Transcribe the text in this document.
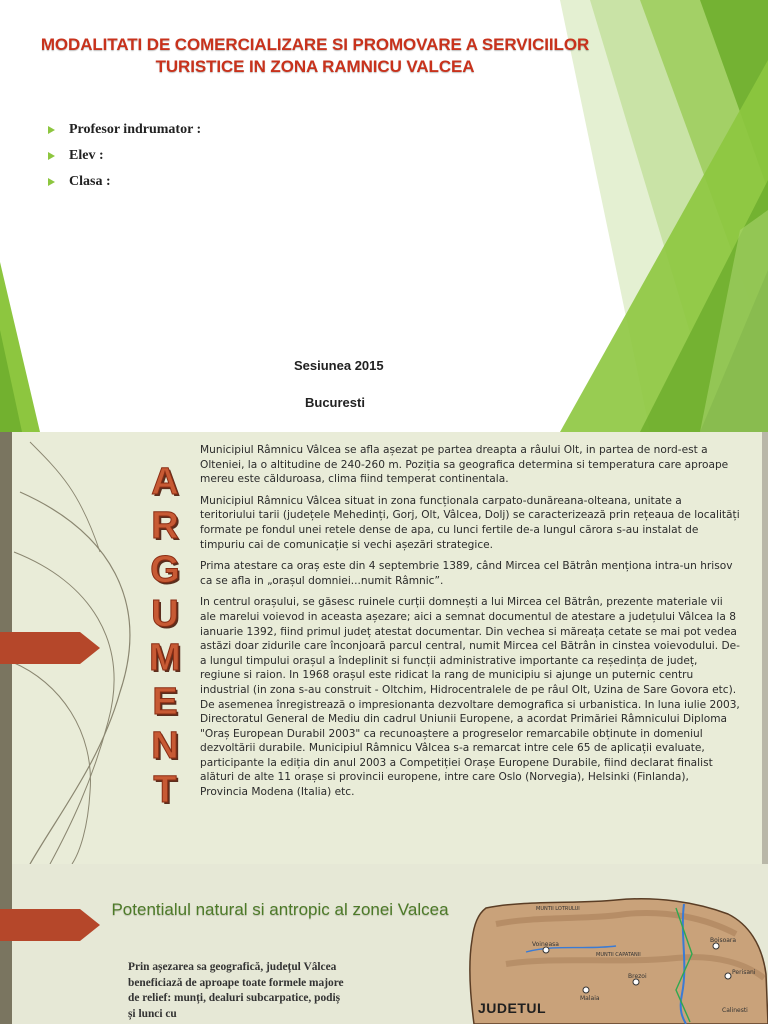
MODALITATI DE COMERCIALIZARE SI PROMOVARE A SERVICIILOR TURISTICE IN ZONA RAMNICU VALCEA
Profesor indrumator :
Elev :
Clasa :
Sesiunea 2015
Bucuresti
A
R
G
U
M
E
N
T

Municipiul Râmnicu Vâlcea se afla așezat pe partea dreapta a râului Olt, in partea de nord-est a Olteniei, la o altitudine de 240-260 m. Poziția sa geografica determina si temperatura care aproape mereu este călduroasa, clima fiind temperat continentala.

Municipiul Râmnicu Vâlcea situat in zona funcționala carpato-dunăreana-olteana, unitate a teritoriului tarii (județele Mehedinți, Gorj, Olt, Vâlcea, Dolj) se caracterizează prin rețeaua de localități formate pe fondul unei retele dense de apa, cu lunci fertile de-a lungul cărora s-au instalat de timpuriu cai de comunicație si vechi așezări strategice.

Prima atestare ca oraș este din 4 septembrie 1389, când Mircea cel Bătrân menționa intra-un hrisov ca se afla in „orașul domniei...numit Râmnic”.

In centrul orașului, se găsesc ruinele curții domnești a lui Mircea cel Bătrân, prezente materiale vii ale marelui voievod in aceasta așezare; aici a semnat documentul de atestare a județului Vâlcea la 8 ianuarie 1392, fiind primul județ atestat documentar. Din vechea si măreața cetate se mai pot vedea astăzi doar zidurile care înconjoară parcul central, numit Mircea cel Bătrân in cinstea voievodului. De-a lungul timpului orașul a îndeplinit si funcții administrative importante ca reședința de județ, regiune si raion. In 1968 orașul este ridicat la rang de municipiu si ajunge un puternic centru industrial (in zona s-au construit - Oltchim, Hidrocentralele de pe râul Olt, Uzina de Sare Govora etc). De asemenea înregistrează o impresionanta dezvoltare demografica si urbanistica. In luna iulie 2003, Directoratul General de Mediu din cadrul Uniunii Europene, a acordat Primăriei Râmnicului Diploma "Oraș European Durabil 2003" ca recunoaștere a progreselor remarcabile obținute in domeniul dezvoltării durabile. Municipiul Râmnicu Vâlcea s-a remarcat intre cele 65 de aplicații evaluate, participante la ediția din anul 2003 a Competiției Orașe Europene Durabile, fiind declarat finalist alături de alte 11 orașe si provincii europene, intre care Oslo (Norvegia), Helsinki (Finlanda), Provincia Modena (Italia) etc.

Potentialul natural si antropic al zonei Valcea
Prin așezarea sa geografică, județul Vâlcea beneficiază de aproape toate formele majore de relief: munți, dealuri subcarpatice, podiș și lunci cu
MUNTII LOTRULUI
Voineasa
MUNTII CAPATANII
Brezoi
Malaia
Boisoara
Perisani
Calinesti
JUDETUL
